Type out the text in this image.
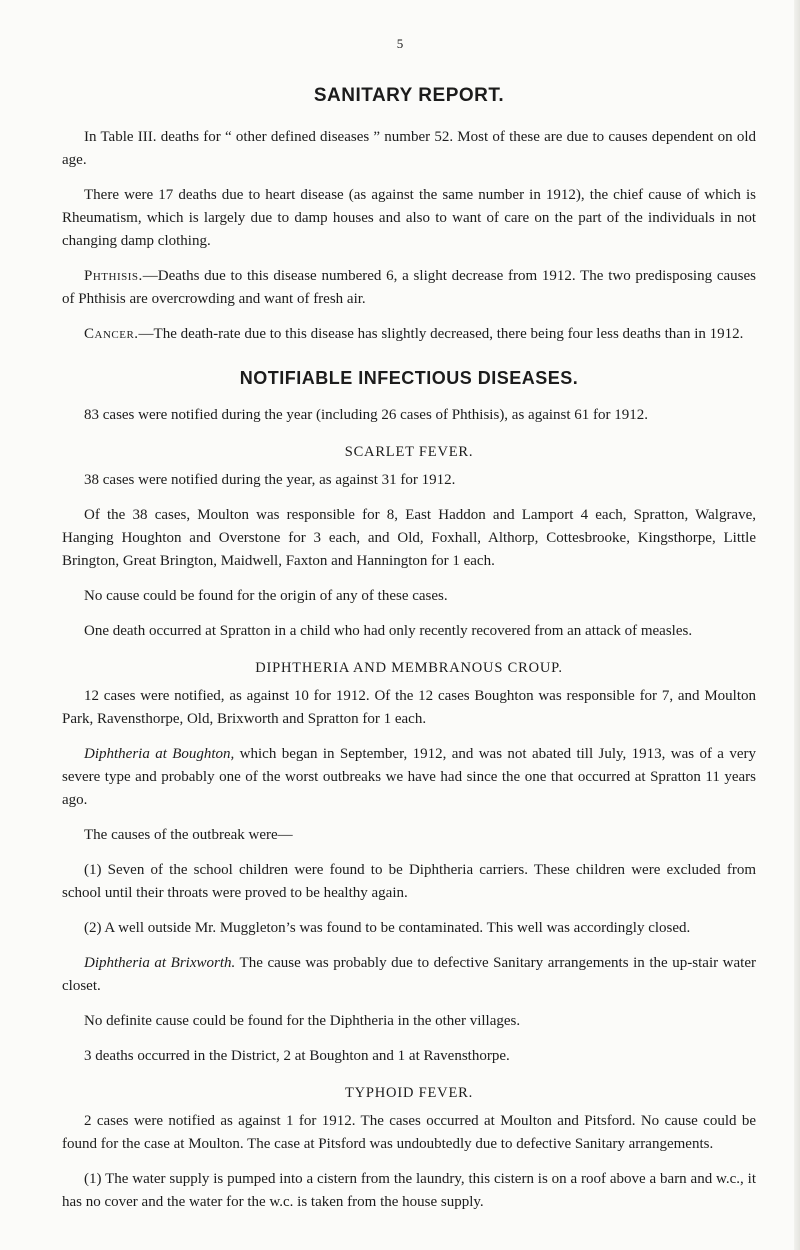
5
SANITARY REPORT.

In Table III. deaths for “ other defined diseases ” number 52. Most of these are due to causes dependent on old age.

There were 17 deaths due to heart disease (as against the same number in 1912), the chief cause of which is Rheumatism, which is largely due to damp houses and also to want of care on the part of the individuals in not changing damp clothing.

Phthisis.—Deaths due to this disease numbered 6, a slight decrease from 1912. The two predisposing causes of Phthisis are overcrowding and want of fresh air.

Cancer.—The death-rate due to this disease has slightly decreased, there being four less deaths than in 1912.

NOTIFIABLE INFECTIOUS DISEASES.

83 cases were notified during the year (including 26 cases of Phthisis), as against 61 for 1912.

SCARLET FEVER.

38 cases were notified during the year, as against 31 for 1912.

Of the 38 cases, Moulton was responsible for 8, East Haddon and Lamport 4 each, Spratton, Walgrave, Hanging Houghton and Overstone for 3 each, and Old, Foxhall, Althorp, Cottesbrooke, Kingsthorpe, Little Brington, Great Brington, Maidwell, Faxton and Hannington for 1 each.

No cause could be found for the origin of any of these cases.

One death occurred at Spratton in a child who had only recently recovered from an attack of measles.

DIPHTHERIA AND MEMBRANOUS CROUP.

12 cases were notified, as against 10 for 1912. Of the 12 cases Boughton was responsible for 7, and Moulton Park, Ravensthorpe, Old, Brixworth and Spratton for 1 each.

Diphtheria at Boughton, which began in September, 1912, and was not abated till July, 1913, was of a very severe type and probably one of the worst outbreaks we have had since the one that occurred at Spratton 11 years ago.

The causes of the outbreak were—

(1) Seven of the school children were found to be Diphtheria carriers. These children were excluded from school until their throats were proved to be healthy again.

(2) A well outside Mr. Muggleton’s was found to be contaminated. This well was accordingly closed.

Diphtheria at Brixworth. The cause was probably due to defective Sanitary arrangements in the up-stair water closet.

No definite cause could be found for the Diphtheria in the other villages.

3 deaths occurred in the District, 2 at Boughton and 1 at Ravensthorpe.

TYPHOID FEVER.

2 cases were notified as against 1 for 1912. The cases occurred at Moulton and Pitsford. No cause could be found for the case at Moulton. The case at Pitsford was undoubtedly due to defective Sanitary arrangements.

(1) The water supply is pumped into a cistern from the laundry, this cistern is on a roof above a barn and w.c., it has no cover and the water for the w.c. is taken from the house supply.
